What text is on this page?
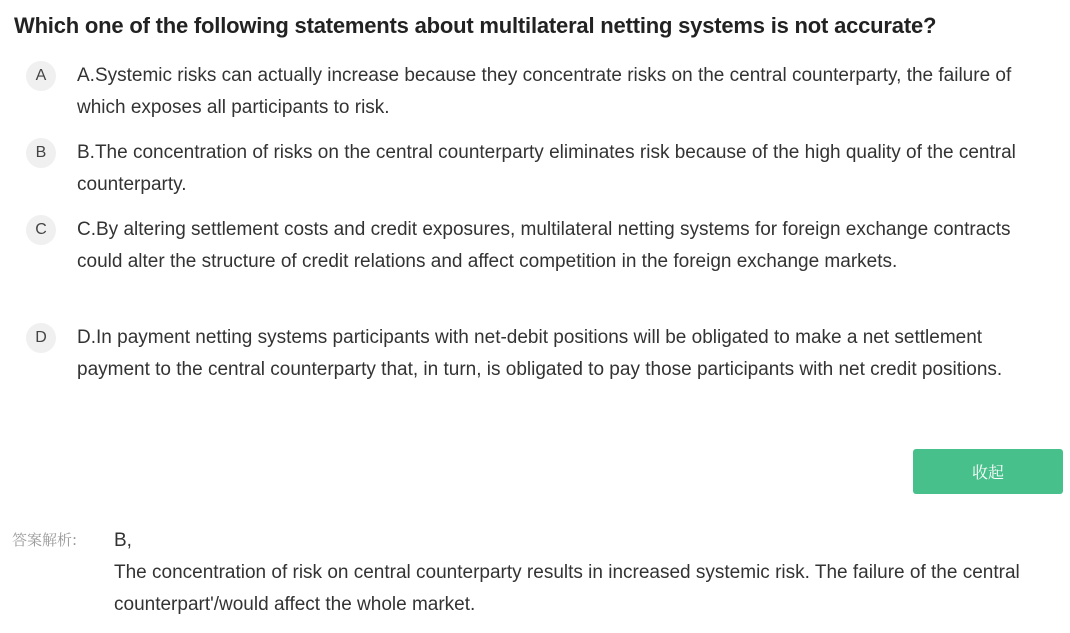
Which one of the following statements about multilateral netting systems is not accurate?
A	A.Systemic risks can actually increase because they concentrate risks on the central counterparty, the failure of which exposes all participants to risk.
B	B.The concentration of risks on the central counterparty eliminates risk because of the high quality of the central counterparty.
C	C.By altering settlement costs and credit exposures, multilateral netting systems for foreign exchange contracts could alter the structure of credit relations and affect competition in the foreign exchange markets.
D	D.In payment netting systems participants with net-debit positions will be obligated to make a net settlement payment to the central counterparty that, in turn, is obligated to pay those participants with net credit positions.
收起
答案解析: B,

The concentration of risk on central counterparty results in increased systemic risk. The failure of the central counterpart'/would affect the whole market.
